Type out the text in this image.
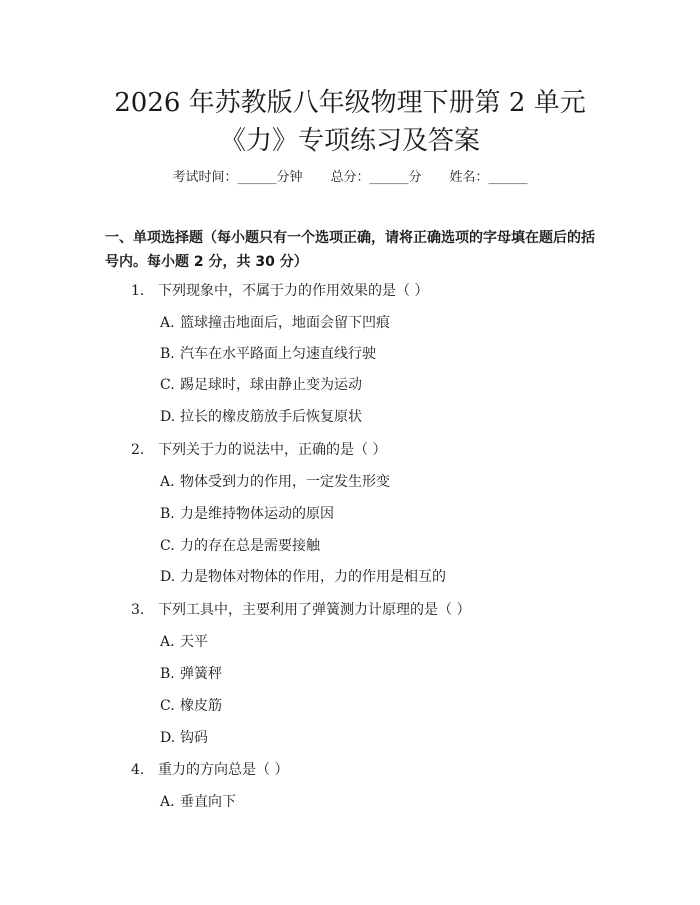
2026 年苏教版八年级物理下册第 2 单元
《力》专项练习及答案
考试时间：______分钟 总分：______分 姓名：______
一、单项选择题（每小题只有一个选项正确，请将正确选项的字母填在题后的括号内。每小题 2 分，共 30 分）
1. 下列现象中，不属于力的作用效果的是（ ）
A. 篮球撞击地面后，地面会留下凹痕
B. 汽车在水平路面上匀速直线行驶
C. 踢足球时，球由静止变为运动
D. 拉长的橡皮筋放手后恢复原状
2. 下列关于力的说法中，正确的是（ ）
A. 物体受到力的作用，一定发生形变
B. 力是维持物体运动的原因
C. 力的存在总是需要接触
D. 力是物体对物体的作用，力的作用是相互的
3. 下列工具中，主要利用了弹簧测力计原理的是（ ）
A. 天平
B. 弹簧秤
C. 橡皮筋
D. 钩码
4. 重力的方向总是（ ）
A. 垂直向下
